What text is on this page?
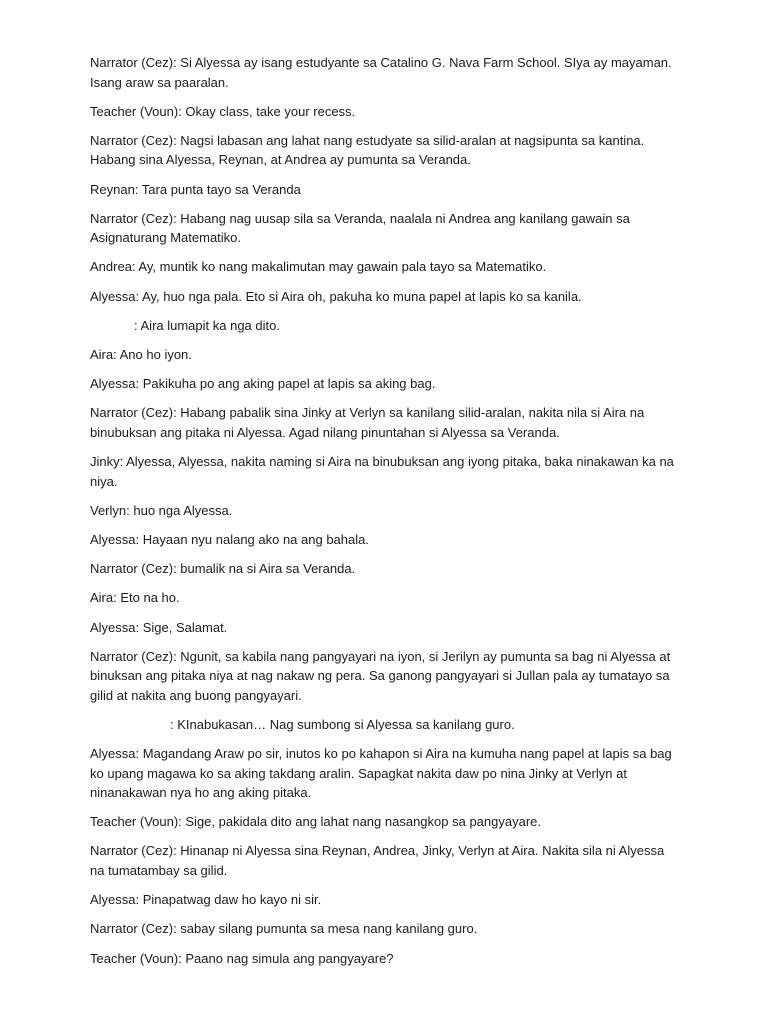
Narrator (Cez): Si Alyessa ay isang estudyante sa Catalino G. Nava Farm School. SIya ay mayaman. Isang araw sa paaralan.

Teacher (Voun): Okay class, take your recess.

Narrator (Cez): Nagsi labasan ang lahat nang estudyate sa silid-aralan at nagsipunta sa kantina. Habang sina Alyessa, Reynan, at Andrea ay pumunta sa Veranda.

Reynan: Tara punta tayo sa Veranda

Narrator (Cez): Habang nag uusap sila sa Veranda, naalala ni Andrea ang kanilang gawain sa Asignaturang Matematiko.

Andrea: Ay, muntik ko nang makalimutan may gawain pala tayo sa Matematiko.

Alyessa: Ay, huo nga pala. Eto si Aira oh, pakuha ko muna papel at lapis ko sa kanila.

: Aira lumapit ka nga dito.

Aira: Ano ho iyon.

Alyessa: Pakikuha po ang aking papel at lapis sa aking bag.

Narrator (Cez): Habang pabalik sina Jinky at Verlyn sa kanilang silid-aralan, nakita nila si Aira na binubuksan ang pitaka ni Alyessa. Agad nilang pinuntahan si Alyessa sa Veranda.

Jinky: Alyessa, Alyessa, nakita naming si Aira na binubuksan ang iyong pitaka, baka ninakawan ka na niya.

Verlyn: huo nga Alyessa.

Alyessa: Hayaan nyu nalang ako na ang bahala.

Narrator (Cez): bumalik na si Aira sa Veranda.

Aira: Eto na ho.

Alyessa: Sige, Salamat.

Narrator (Cez): Ngunit, sa kabila nang pangyayari na iyon, si Jerilyn ay pumunta sa bag ni Alyessa at binuksan ang pitaka niya at nag nakaw ng pera. Sa ganong pangyayari si Jullan pala ay tumatayo sa gilid at nakita ang buong pangyayari.

: KInabukasan… Nag sumbong si Alyessa sa kanilang guro.

Alyessa: Magandang Araw po sir, inutos ko po kahapon si Aira na kumuha nang papel at lapis sa bag ko upang magawa ko sa aking takdang aralin. Sapagkat nakita daw po nina Jinky at Verlyn at ninanakawan nya ho ang aking pitaka.

Teacher (Voun): Sige, pakidala dito ang lahat nang nasangkop sa pangyayare.

Narrator (Cez): Hinanap ni Alyessa sina Reynan, Andrea, Jinky, Verlyn at Aira. Nakita sila ni Alyessa na tumatambay sa gilid.

Alyessa: Pinapatwag daw ho kayo ni sir.

Narrator (Cez): sabay silang pumunta sa mesa nang kanilang guro.

Teacher (Voun): Paano nag simula ang pangyayare?
